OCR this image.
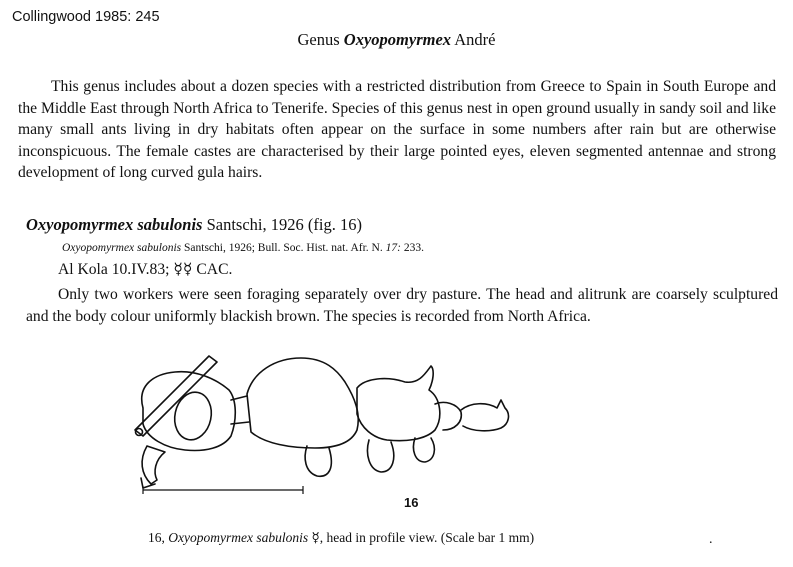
Collingwood 1985: 245
Genus Oxyopomyrmex André

This genus includes about a dozen species with a restricted distribution from Greece to Spain in South Europe and the Middle East through North Africa to Tenerife. Species of this genus nest in open ground usually in sandy soil and like many small ants living in dry habitats often appear on the surface in some numbers after rain but are otherwise inconspicuous. The female castes are characterised by their large pointed eyes, eleven segmented antennae and strong development of long curved gula hairs.

Oxyopomyrmex sabulonis Santschi, 1926 (fig. 16)
Oxyopomyrmex sabulonis Santschi, 1926; Bull. Soc. Hist. nat. Afr. N. 17: 233.
Al Kola 10.IV.83; ☿☿ CAC.

Only two workers were seen foraging separately over dry pasture. The head and alitrunk are coarsely sculptured and the body colour uniformly blackish brown. The species is recorded from North Africa.

16
16, Oxyopomyrmex sabulonis ☿, head in profile view. (Scale bar 1 mm)	.
